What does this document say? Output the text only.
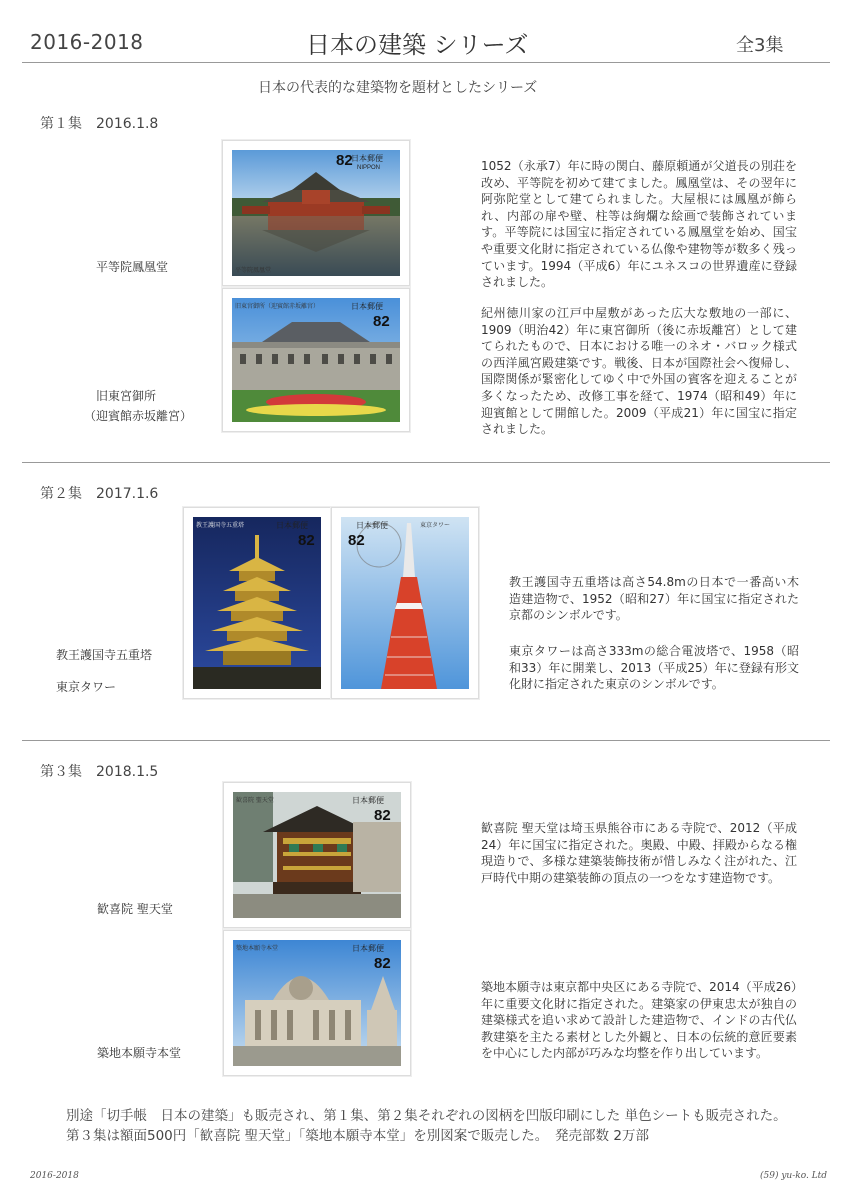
2016-2018	日本の建築 シリーズ	全3集
日本の代表的な建築物を題材としたシリーズ
第１集 2016.1.8
日本郵便
82 NIPPON
平等院鳳凰堂
平等院鳳凰堂
1052（永承7）年に時の関白、藤原頼通が父道長の別荘を改め、平等院を初めて建てました。鳳凰堂は、その翌年に阿弥陀堂として建てられました。大屋根には鳳凰が飾られ、内部の扉や壁、柱等は絢爛な絵画で装飾されています。平等院には国宝に指定されている鳳凰堂を始め、国宝や重要文化財に指定されている仏像や建物等が数多く残っています。1994（平成6）年にユネスコの世界遺産に登録されました。
日本郵便
82
旧東宮御所（迎賓館赤坂離宮）
旧東宮御所
（迎賓館赤坂離宮）
紀州徳川家の江戸中屋敷があった広大な敷地の一部に、1909（明治42）年に東宮御所（後に赤坂離宮）として建てられたもので、日本における唯一のネオ・バロック様式の西洋風宮殿建築です。戦後、日本が国際社会へ復帰し、国際関係が緊密化してゆく中で外国の賓客を迎えることが多くなったため、改修工事を経て、1974（昭和49）年に迎賓館として開館した。2009（平成21）年に国宝に指定されました。
第２集 2017.1.6
日本郵便
82
教王護国寺五重塔	日本郵便
82
東京タワー
教王護国寺五重塔
東京タワー
教王護国寺五重塔は高さ54.8mの日本で一番高い木造建造物で、1952（昭和27）年に国宝に指定された京都のシンボルです。
東京タワーは高さ333mの総合電波塔で、1958（昭和33）年に開業し、2013（平成25）年に登録有形文化財に指定された東京のシンボルです。
第３集 2018.1.5
日本郵便
82
歓喜院 聖天堂
歓喜院 聖天堂
歓喜院 聖天堂は埼玉県熊谷市にある寺院で、2012（平成24）年に国宝に指定された。奥殿、中殿、拝殿からなる権現造りで、多様な建築装飾技術が惜しみなく注がれた、江戸時代中期の建築装飾の頂点の一つをなす建造物です。
日本郵便
82
築地本願寺本堂
築地本願寺本堂
築地本願寺は東京都中央区にある寺院で、2014（平成26）年に重要文化財に指定された。建築家の伊東忠太が独自の建築様式を追い求めて設計した建造物で、インドの古代仏教建築を主たる素材とした外観と、日本の伝統的意匠要素を中心にした内部が巧みな均整を作り出しています。
別途「切手帳　日本の建築」も販売され、第１集、第２集それぞれの図柄を凹版印刷にした 単色シートも販売された。第３集は額面500円「歓喜院 聖天堂」「築地本願寺本堂」を別図案で販売した。　発売部数 2万部
2016-2018	(59) yu-ko. Ltd
